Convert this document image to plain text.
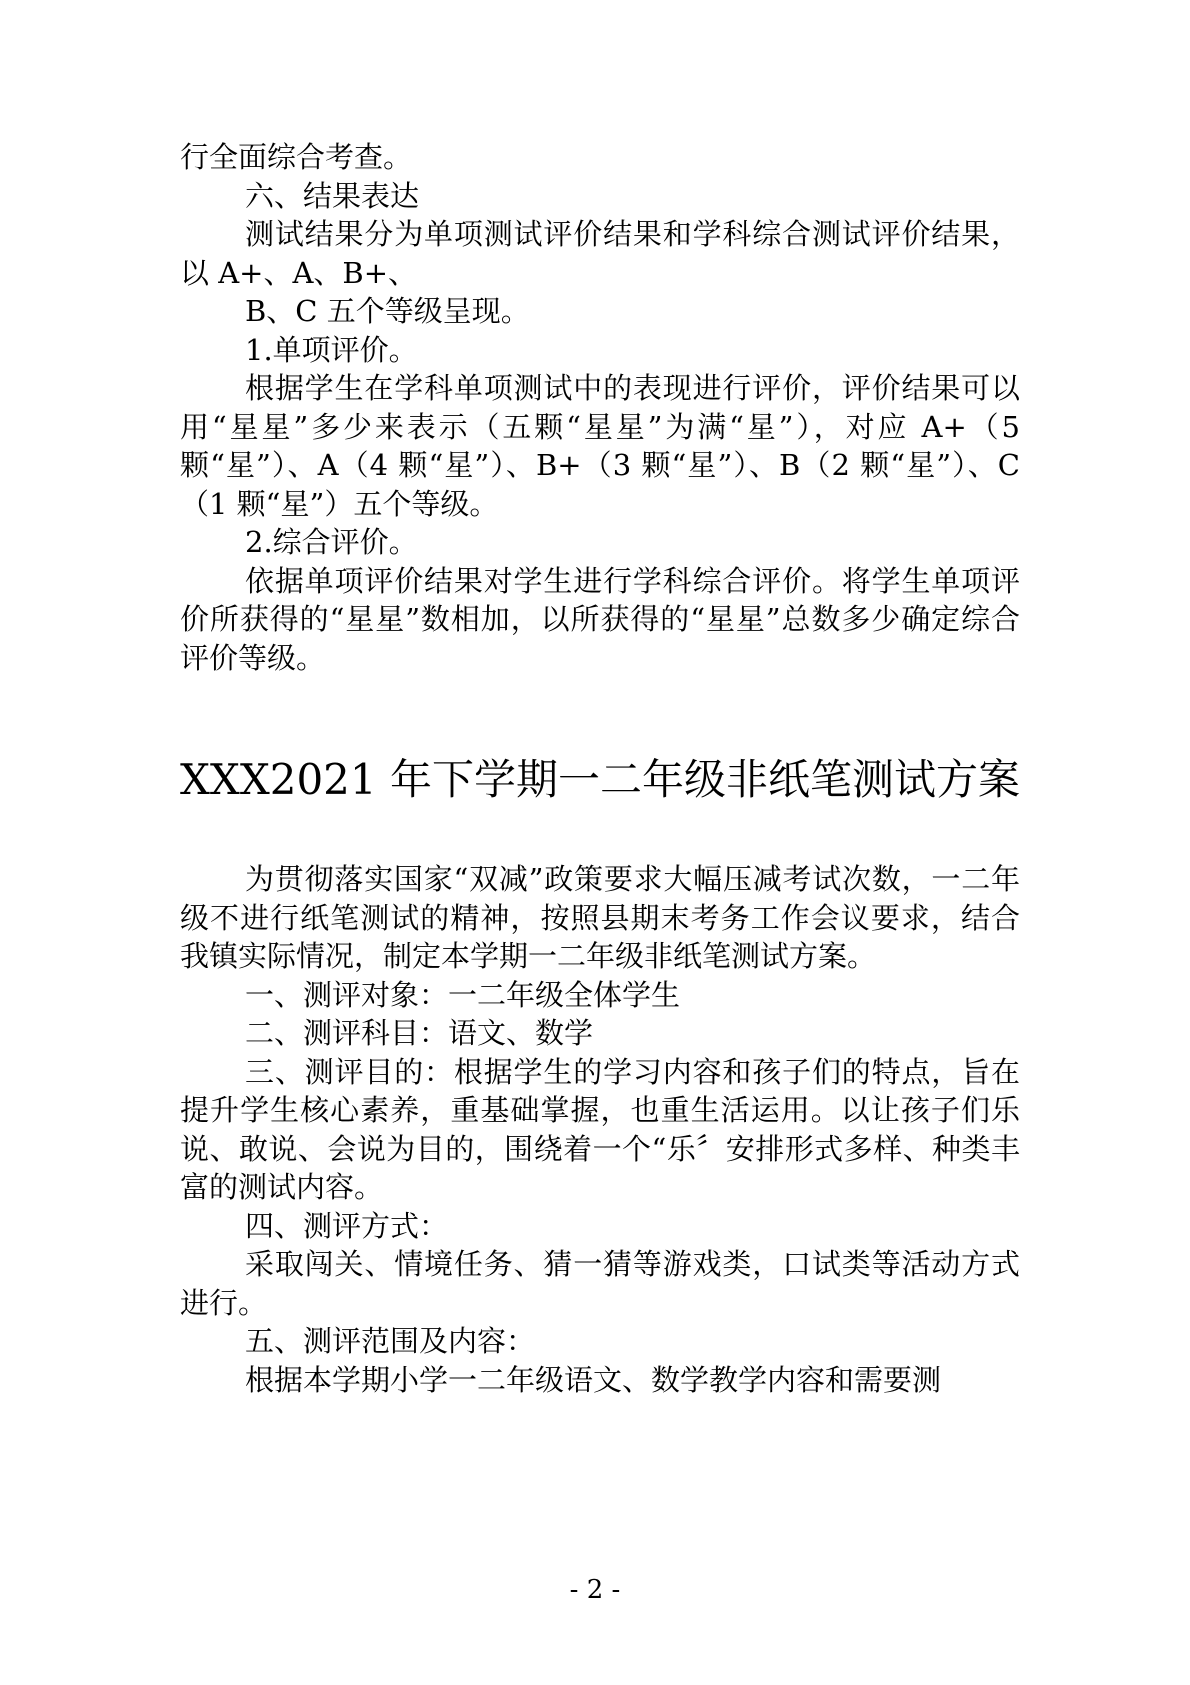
行全面综合考查。

六、结果表达

测试结果分为单项测试评价结果和学科综合测试评价结果，以 A+、A、B+、

B、C 五个等级呈现。

1.单项评价。

根据学生在学科单项测试中的表现进行评价，评价结果可以用“星星”多少来表示（五颗“星星”为满“星”），对应 A+（5 颗“星”）、A（4 颗“星”）、B+（3 颗“星”）、B（2 颗“星”）、C（1 颗“星”）五个等级。

2.综合评价。

依据单项评价结果对学生进行学科综合评价。将学生单项评价所获得的“星星”数相加，以所获得的“星星”总数多少确定综合评价等级。

XXX2021 年下学期一二年级非纸笔测试方案

为贯彻落实国家“双减”政策要求大幅压减考试次数，一二年级不进行纸笔测试的精神，按照县期末考务工作会议要求，结合我镇实际情况，制定本学期一二年级非纸笔测试方案。

一、测评对象：一二年级全体学生

二、测评科目：语文、数学

三、测评目的：根据学生的学习内容和孩子们的特点，旨在提升学生核心素养，重基础掌握，也重生活运用。以让孩子们乐说、敢说、会说为目的，围绕着一个“乐〞安排形式多样、种类丰富的测试内容。

四、测评方式：

采取闯关、情境任务、猜一猜等游戏类，口试类等活动方式进行。

五、测评范围及内容：

根据本学期小学一二年级语文、数学教学内容和需要测

- 2 -
